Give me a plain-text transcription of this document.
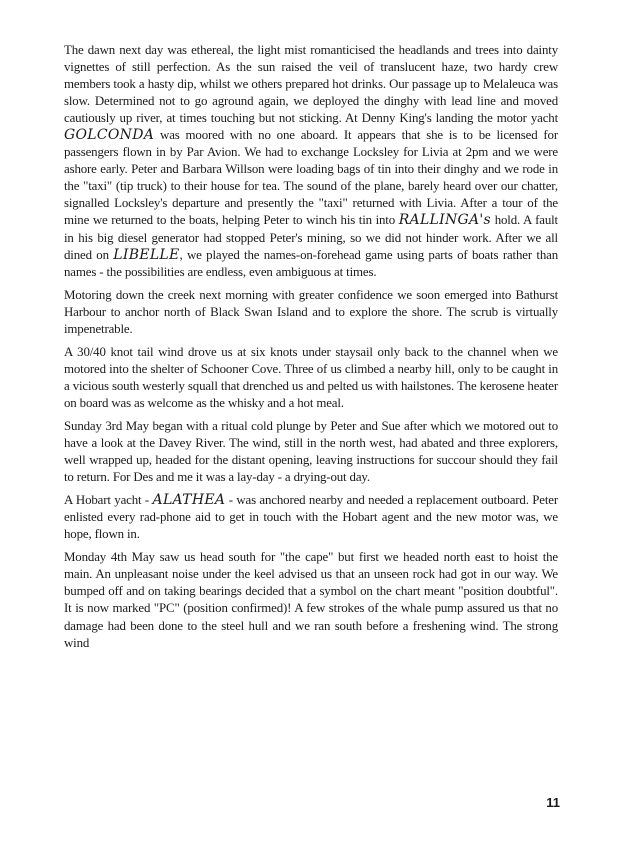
The dawn next day was ethereal, the light mist romanticised the headlands and trees into dainty vignettes of still perfection. As the sun raised the veil of translucent haze, two hardy crew members took a hasty dip, whilst we others prepared hot drinks. Our passage up to Melaleuca was slow. Determined not to go aground again, we deployed the dinghy with lead line and moved cautiously up river, at times touching but not sticking. At Denny King's landing the motor yacht GOLCONDA was moored with no one aboard. It appears that she is to be licensed for passengers flown in by Par Avion. We had to exchange Locksley for Livia at 2pm and we were ashore early. Peter and Barbara Willson were loading bags of tin into their dinghy and we rode in the "taxi" (tip truck) to their house for tea. The sound of the plane, barely heard over our chatter, signalled Locksley's departure and presently the "taxi" returned with Livia. After a tour of the mine we returned to the boats, helping Peter to winch his tin into RALLINGA's hold. A fault in his big diesel generator had stopped Peter's mining, so we did not hinder work. After we all dined on LIBELLE, we played the names-on-forehead game using parts of boats rather than names - the possibilities are endless, even ambiguous at times.

Motoring down the creek next morning with greater confidence we soon emerged into Bathurst Harbour to anchor north of Black Swan Island and to explore the shore. The scrub is virtually impenetrable.

A 30/40 knot tail wind drove us at six knots under staysail only back to the channel when we motored into the shelter of Schooner Cove. Three of us climbed a nearby hill, only to be caught in a vicious south westerly squall that drenched us and pelted us with hailstones. The kerosene heater on board was as welcome as the whisky and a hot meal.

Sunday 3rd May began with a ritual cold plunge by Peter and Sue after which we motored out to have a look at the Davey River. The wind, still in the north west, had abated and three explorers, well wrapped up, headed for the distant opening, leaving instructions for succour should they fail to return. For Des and me it was a lay-day - a drying-out day.

A Hobart yacht - ALATHEA - was anchored nearby and needed a replacement outboard. Peter enlisted every rad-phone aid to get in touch with the Hobart agent and the new motor was, we hope, flown in.

Monday 4th May saw us head south for "the cape" but first we headed north east to hoist the main. An unpleasant noise under the keel advised us that an unseen rock had got in our way. We bumped off and on taking bearings decided that a symbol on the chart meant "position doubtful". It is now marked "PC" (position confirmed)! A few strokes of the whale pump assured us that no damage had been done to the steel hull and we ran south before a freshening wind. The strong wind

11
